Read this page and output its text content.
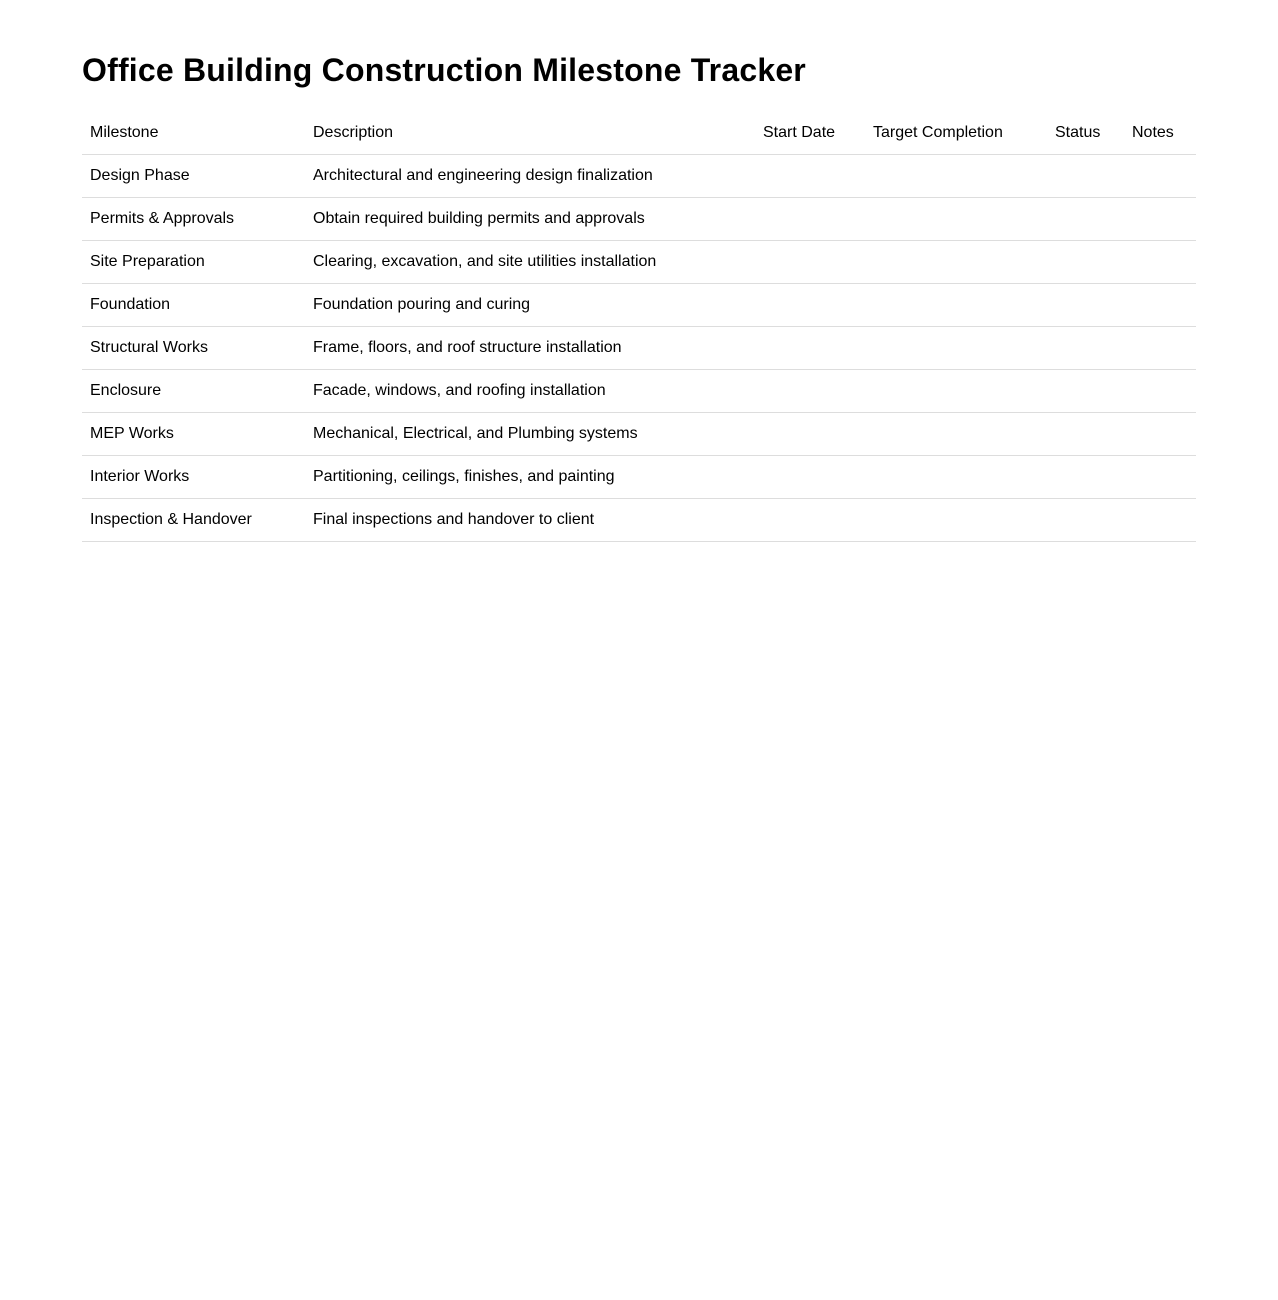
Office Building Construction Milestone Tracker
Milestone	Description	Start Date	Target Completion	Status	Notes
Design Phase	Architectural and engineering design finalization				
Permits & Approvals	Obtain required building permits and approvals				
Site Preparation	Clearing, excavation, and site utilities installation				
Foundation	Foundation pouring and curing				
Structural Works	Frame, floors, and roof structure installation				
Enclosure	Facade, windows, and roofing installation				
MEP Works	Mechanical, Electrical, and Plumbing systems				
Interior Works	Partitioning, ceilings, finishes, and painting				
Inspection & Handover	Final inspections and handover to client				
